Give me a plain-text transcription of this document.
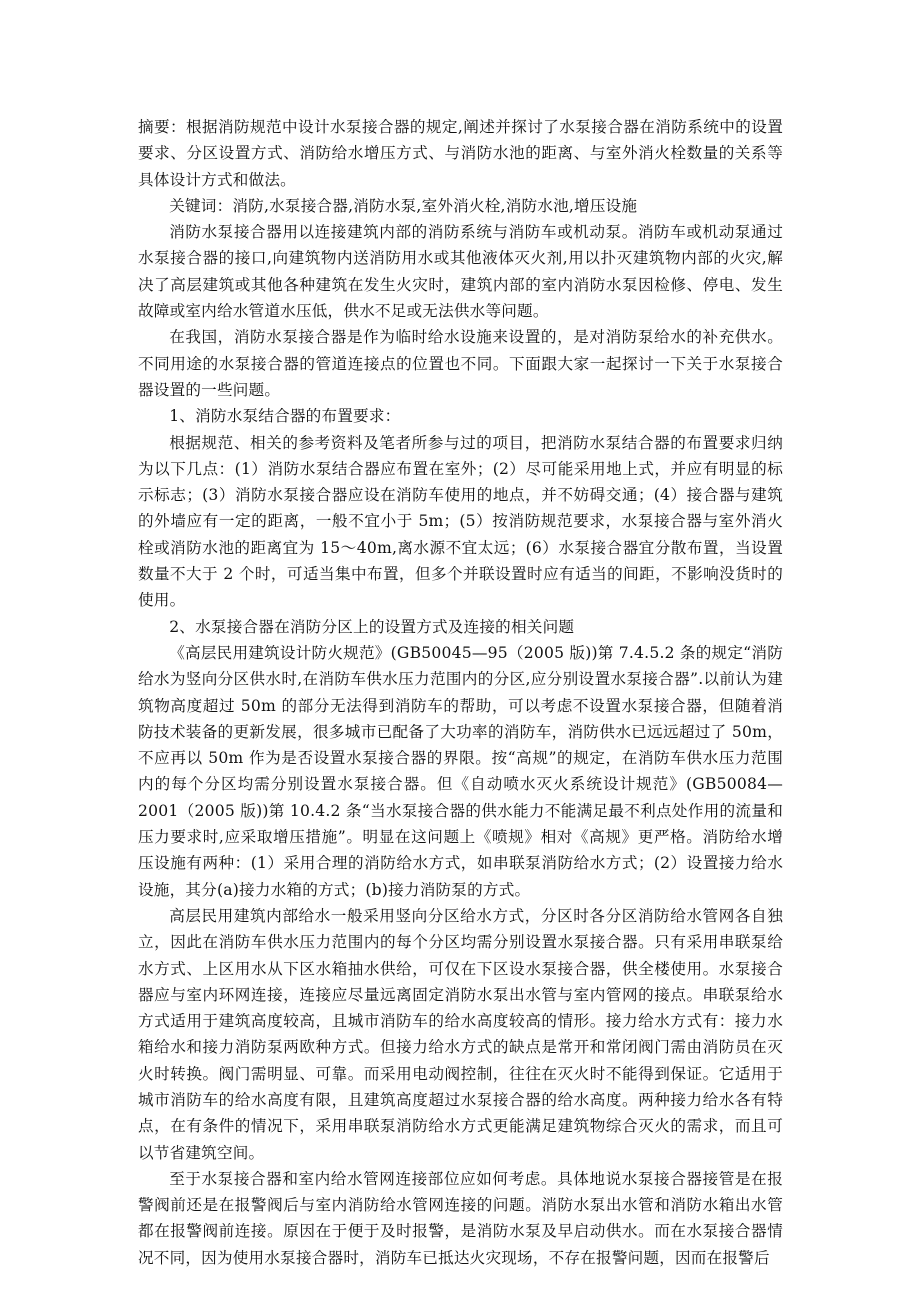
摘要：根据消防规范中设计水泵接合器的规定,阐述并探讨了水泵接合器在消防系统中的设置要求、分区设置方式、消防给水增压方式、与消防水池的距离、与室外消火栓数量的关系等具体设计方式和做法。

关键词：消防,水泵接合器,消防水泵,室外消火栓,消防水池,增压设施

消防水泵接合器用以连接建筑内部的消防系统与消防车或机动泵。消防车或机动泵通过水泵接合器的接口,向建筑物内送消防用水或其他液体灭火剂,用以扑灭建筑物内部的火灾,解决了高层建筑或其他各种建筑在发生火灾时，建筑内部的室内消防水泵因检修、停电、发生故障或室内给水管道水压低，供水不足或无法供水等问题。

在我国，消防水泵接合器是作为临时给水设施来设置的，是对消防泵给水的补充供水。不同用途的水泵接合器的管道连接点的位置也不同。下面跟大家一起探讨一下关于水泵接合器设置的一些问题。

1、消防水泵结合器的布置要求：

根据规范、相关的参考资料及笔者所参与过的项目，把消防水泵结合器的布置要求归纳为以下几点：(1）消防水泵结合器应布置在室外；(2）尽可能采用地上式，并应有明显的标示标志；(3）消防水泵接合器应设在消防车使用的地点，并不妨碍交通；(4）接合器与建筑的外墙应有一定的距离，一般不宜小于 5m；(5）按消防规范要求，水泵接合器与室外消火栓或消防水池的距离宜为 15～40m,离水源不宜太远；(6）水泵接合器宜分散布置，当设置数量不大于 2 个时，可适当集中布置，但多个并联设置时应有适当的间距，不影响没货时的使用。

2、水泵接合器在消防分区上的设置方式及连接的相关问题

《高层民用建筑设计防火规范》(GB50045—95（2005 版))第 7.4.5.2 条的规定“消防给水为竖向分区供水时,在消防车供水压力范围内的分区,应分别设置水泵接合器”.以前认为建筑物高度超过 50m 的部分无法得到消防车的帮助，可以考虑不设置水泵接合器，但随着消防技术装备的更新发展，很多城市已配备了大功率的消防车，消防供水已远远超过了 50m，不应再以 50m 作为是否设置水泵接合器的界限。按“高规”的规定，在消防车供水压力范围内的每个分区均需分别设置水泵接合器。但《自动喷水灭火系统设计规范》(GB50084—2001（2005 版))第 10.4.2 条“当水泵接合器的供水能力不能满足最不利点处作用的流量和压力要求时,应采取增压措施”。明显在这问题上《喷规》相对《高规》更严格。消防给水增压设施有两种：(1）采用合理的消防给水方式，如串联泵消防给水方式；(2）设置接力给水设施，其分(a)接力水箱的方式；(b)接力消防泵的方式。

高层民用建筑内部给水一般采用竖向分区给水方式，分区时各分区消防给水管网各自独立，因此在消防车供水压力范围内的每个分区均需分别设置水泵接合器。只有采用串联泵给水方式、上区用水从下区水箱抽水供给，可仅在下区设水泵接合器，供全楼使用。水泵接合器应与室内环网连接，连接应尽量远离固定消防水泵出水管与室内管网的接点。串联泵给水方式适用于建筑高度较高，且城市消防车的给水高度较高的情形。接力给水方式有：接力水箱给水和接力消防泵两欧种方式。但接力给水方式的缺点是常开和常闭阀门需由消防员在灭火时转换。阀门需明显、可靠。而采用电动阀控制，往往在灭火时不能得到保证。它适用于城市消防车的给水高度有限，且建筑高度超过水泵接合器的给水高度。两种接力给水各有特点，在有条件的情况下，采用串联泵消防给水方式更能满足建筑物综合灭火的需求，而且可以节省建筑空间。

至于水泵接合器和室内给水管网连接部位应如何考虑。具体地说水泵接合器接管是在报警阀前还是在报警阀后与室内消防给水管网连接的问题。消防水泵出水管和消防水箱出水管都在报警阀前连接。原因在于便于及时报警，是消防水泵及早启动供水。而在水泵接合器情况不同，因为使用水泵接合器时，消防车已抵达火灾现场，不存在报警问题，因而在报警后
